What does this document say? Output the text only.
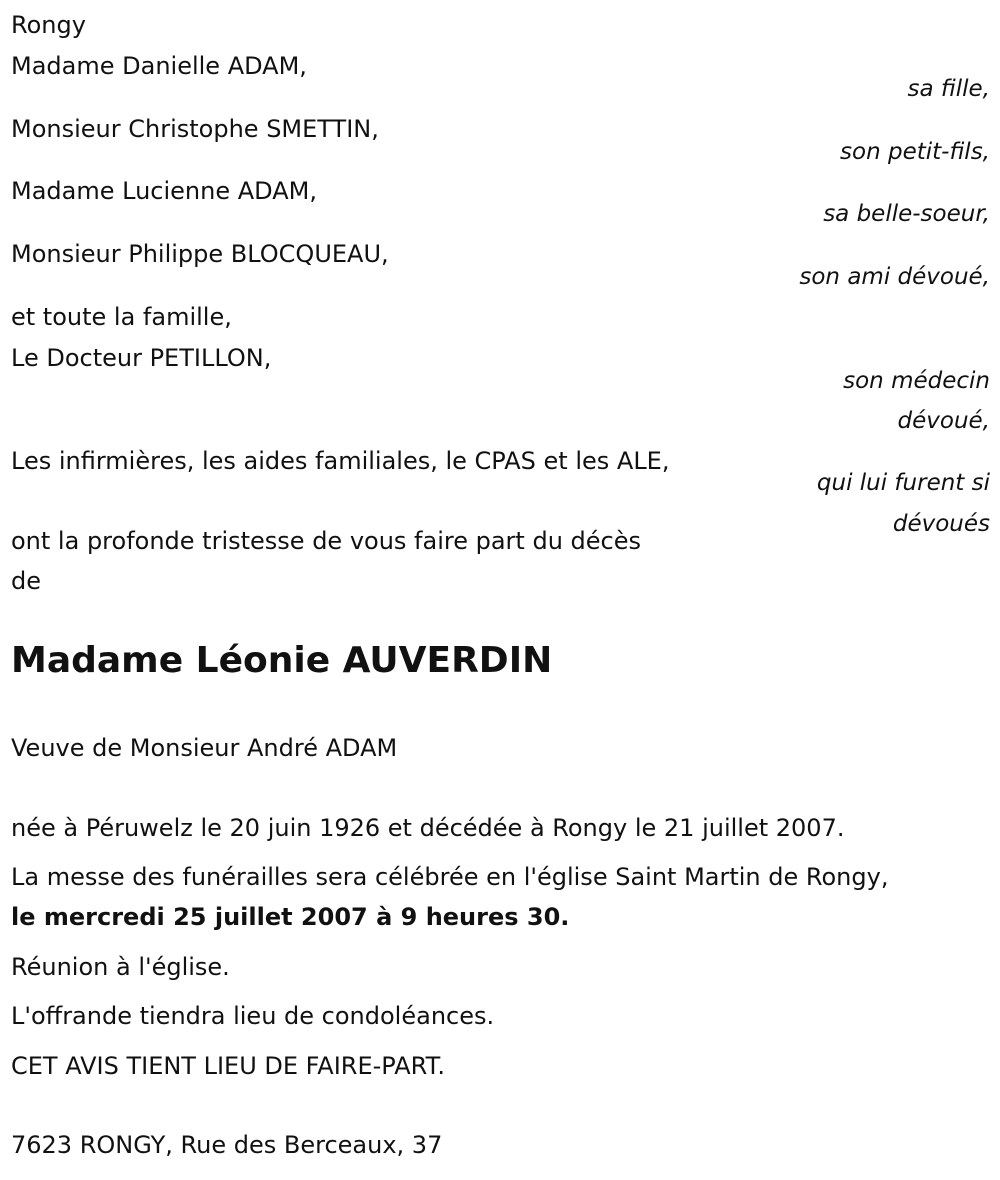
Rongy
Madame Danielle ADAM,
sa fille,
Monsieur Christophe SMETTIN,
son petit-fils,
Madame Lucienne ADAM,
sa belle-soeur,
Monsieur Philippe BLOCQUEAU,
son ami dévoué,
et toute la famille,
Le Docteur PETILLON,
son médecin
dévoué,
Les infirmières, les aides familiales, le CPAS et les ALE,
qui lui furent si
dévoués
ont la profonde tristesse de vous faire part du décès
de
Madame Léonie AUVERDIN
Veuve de Monsieur André ADAM
née à Péruwelz le 20 juin 1926 et décédée à Rongy le 21 juillet 2007.
La messe des funérailles sera célébrée en l'église Saint Martin de Rongy,
le mercredi 25 juillet 2007 à 9 heures 30.
Réunion à l'église.
L'offrande tiendra lieu de condoléances.
CET AVIS TIENT LIEU DE FAIRE-PART.
7623 RONGY, Rue des Berceaux, 37
